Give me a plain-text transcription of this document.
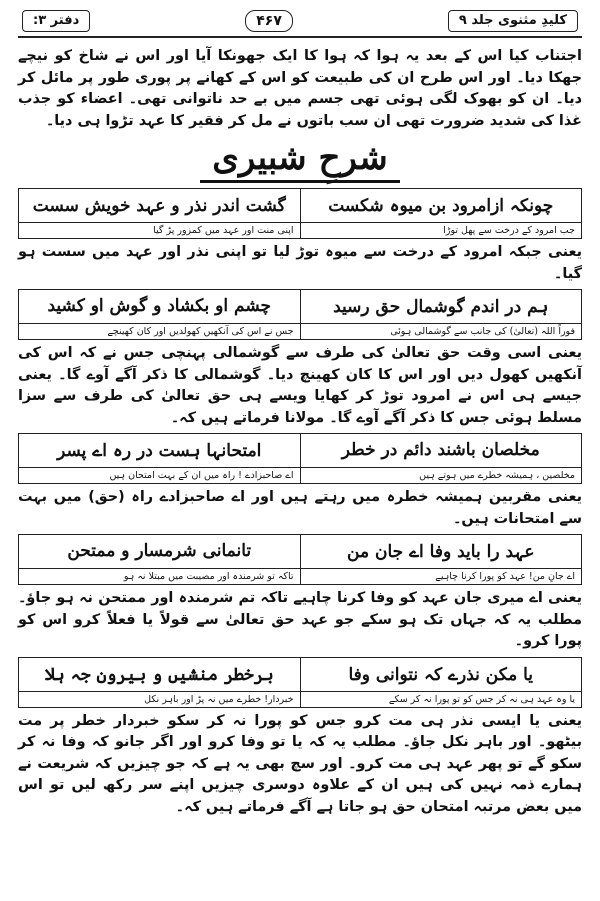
کلیدِ مثنوی جلد ۹
۴۶۷
دفتر ۳:

اجتناب کیا اس کے بعد یہ ہوا کہ ہوا کا ایک جھونکا آیا اور اس نے شاخ کو نیچے جھکا دیا۔ اور اس طرح ان کی طبیعت کو اس کے کھانے پر پوری طور پر مائل کر دیا۔ ان کو بھوک لگی ہوئی تھی جسم میں بے حد ناتوانی تھی۔ اعضاء کو جذب غذا کی شدید ضرورت تھی ان سب باتوں نے مل کر فقیر کا عہد تڑوا ہی دیا۔

شرحِ شبیری
چونکہ ازامرود بن میوہ شکست
گشت اندر نذر و عہد خویش سست
جب امرود کے درخت سے پھل توڑا
اپنی منت اور عہد میں کمزور پڑ گیا

یعنی جبکہ امرود کے درخت سے میوہ توڑ لیا تو اپنی نذر اور عہد میں سست ہو گیا۔

ہم در اندم گوشمال حق رسید
چشم او بکشاد و گوش او کشید
فوراً اللہ (تعالیٰ) کی جانب سے گوشمالی ہوئی
جس نے اس کی آنکھیں کھولدیں اور کان کھینچے

یعنی اسی وقت حق تعالیٰ کی طرف سے گوشمالی پہنچی جس نے کہ اس کی آنکھیں کھول دیں اور اس کا کان کھینچ دیا۔ گوشمالی کا ذکر آگے آوے گا۔ یعنی جیسے ہی اس نے امرود توڑ کر کھایا ویسے ہی حق تعالیٰ کی طرف سے سزا مسلط ہوئی جس کا ذکر آگے آوے گا۔ مولانا فرماتے ہیں کہ۔

مخلصان باشند دائم در خطر
امتحانہا ہست در رہ اے پسر
مخلصین ، ہمیشہ خطرے میں ہوتے ہیں
اے صاحبزادے ! راہ میں ان کے بہت امتحان ہیں

یعنی مقربین ہمیشہ خطرہ میں رہتے ہیں اور اے صاحبزادے راہ (حق) میں بہت سے امتحانات ہیں۔

عہد را باید وفا اے جان من
تانمانی شرمسار و ممتحن
اے جانِ من! عہد کو پورا کرنا چاہیے
تاکہ تو شرمندہ اور مصیبت میں مبتلا نہ ہو

یعنی اے میری جان عہد کو وفا کرنا چاہیے تاکہ تم شرمندہ اور ممتحن نہ ہو جاؤ۔ مطلب یہ کہ جہاں تک ہو سکے جو عہد حق تعالیٰ سے قولاً یا فعلاً کرو اس کو پورا کرو۔

یا مکن نذرے کہ نتوانی وفا
برخطر منشیں و بیرون جہ ہلا
یا وہ عہد ہی نہ کر جس کو تو پورا نہ کر سکے
خبردار! خطرے میں نہ پڑ اور باہر نکل

یعنی یا ایسی نذر ہی مت کرو جس کو پورا نہ کر سکو خبردار خطر پر مت بیٹھو۔ اور باہر نکل جاؤ۔ مطلب یہ کہ یا تو وفا کرو اور اگر جانو کہ وفا نہ کر سکو گے تو پھر عہد ہی مت کرو۔ اور سچ بھی یہ ہے کہ جو چیزیں کہ شریعت نے ہمارے ذمہ نہیں کی ہیں ان کے علاوہ دوسری چیزیں اپنے سر رکھ لیں تو اس میں بعض مرتبہ امتحان حق ہو جاتا ہے آگے فرماتے ہیں کہ۔
